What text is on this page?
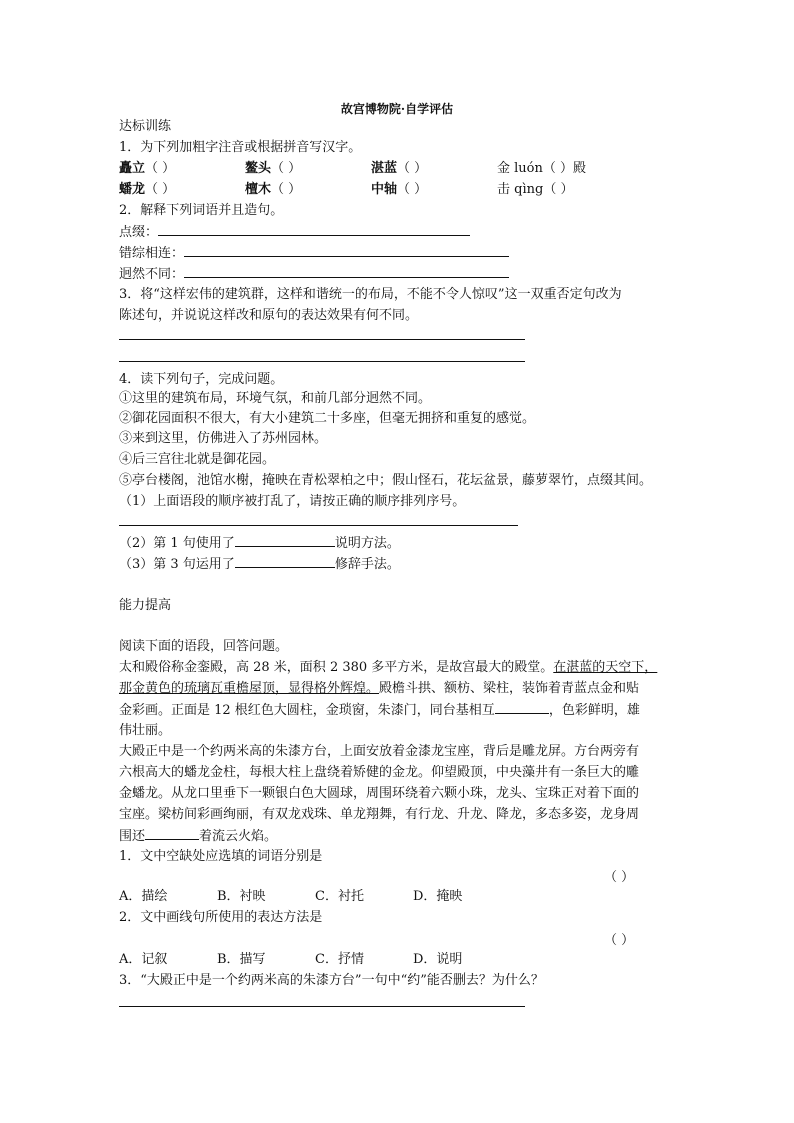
故宫博物院·自学评估
达标训练
1．为下列加粗字注音或根据拼音写汉字。
矗立（ ）	鳌头（ ）	湛蓝（ ）	金 luón（ ）殿
蟠龙（ ）	檀木（ ）	中轴（ ）	击 qìng（ ）
2．解释下列词语并且造句。
点缀：
错综相连：
迥然不同：
3．将“这样宏伟的建筑群，这样和谐统一的布局，不能不令人惊叹”这一双重否定句改为
陈述句，并说说这样改和原句的表达效果有何不同。
4．读下列句子，完成问题。
①这里的建筑布局，环境气氛，和前几部分迥然不同。
②御花园面积不很大，有大小建筑二十多座，但毫无拥挤和重复的感觉。
③来到这里，仿佛进入了苏州园林。
④后三宫往北就是御花园。
⑤亭台楼阁，池馆水榭，掩映在青松翠柏之中；假山怪石，花坛盆景，藤萝翠竹，点缀其间。
（1）上面语段的顺序被打乱了，请按正确的顺序排列序号。
（2）第 1 句使用了	说明方法。
（3）第 3 句运用了	修辞手法。
能力提高
阅读下面的语段，回答问题。
太和殿俗称金銮殿，高 28 米，面积 2 380 多平方米，是故宫最大的殿堂。在湛蓝的天空下，
那金黄色的琉璃瓦重檐屋顶，显得格外辉煌。殿檐斗拱、额枋、梁柱，装饰着青蓝点金和贴
金彩画。正面是 12 根红色大圆柱，金琐窗，朱漆门，同台基相互	，色彩鲜明，雄
伟壮丽。
大殿正中是一个约两米高的朱漆方台，上面安放着金漆龙宝座，背后是雕龙屏。方台两旁有
六根高大的蟠龙金柱，每根大柱上盘绕着矫健的金龙。仰望殿顶，中央藻井有一条巨大的雕
金蟠龙。从龙口里垂下一颗银白色大圆球，周围环绕着六颗小珠，龙头、宝珠正对着下面的
宝座。梁枋间彩画绚丽，有双龙戏珠、单龙翔舞，有行龙、升龙、降龙，多态多姿，龙身周
围还	着流云火焰。
1．文中空缺处应选填的词语分别是
（ ）
A．描绘	B．衬映	C．衬托	D．掩映
2．文中画线句所使用的表达方法是
（ ）
A．记叙	B．描写	C．抒情	D．说明
3．“大殿正中是一个约两米高的朱漆方台”一句中“约”能否删去？为什么？
